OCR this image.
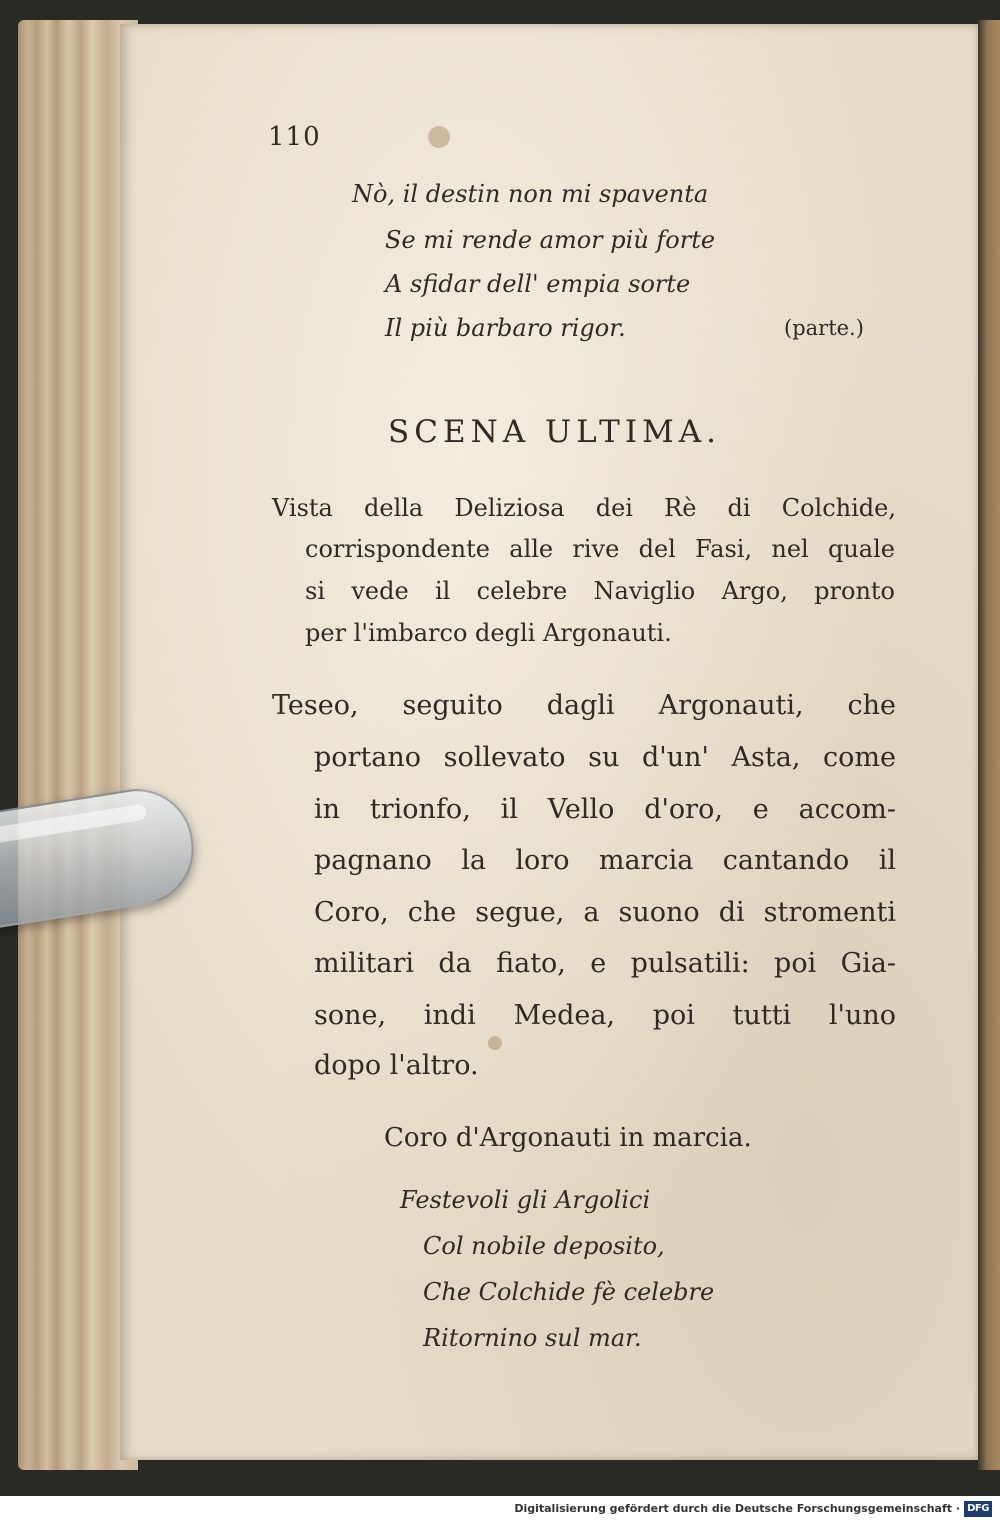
110
Nò, il destin non mi spaventa
Se mi rende amor più forte
A sfidar dell' empia sorte
Il più barbaro rigor.	(parte.)
SCENA ULTIMA.
Vista della Deliziosa dei Rè di Colchide,
corrispondente alle rive del Fasi, nel quale
si vede il celebre Naviglio Argo, pronto
per l'imbarco degli Argonauti.
Teseo, seguito dagli Argonauti, che
portano sollevato su d'un' Asta, come
in trionfo, il Vello d'oro, e accom-
pagnano la loro marcia cantando il
Coro, che segue, a suono di stromenti
militari da fiato, e pulsatili: poi Gia-
sone, indi Medea, poi tutti l'uno
dopo l'altro.
Coro d'Argonauti in marcia.
Festevoli gli Argolici
Col nobile deposito,
Che Colchide fè celebre
Ritornino sul mar.
Digitalisierung gefördert durch die Deutsche Forschungsgemeinschaft · DFG
